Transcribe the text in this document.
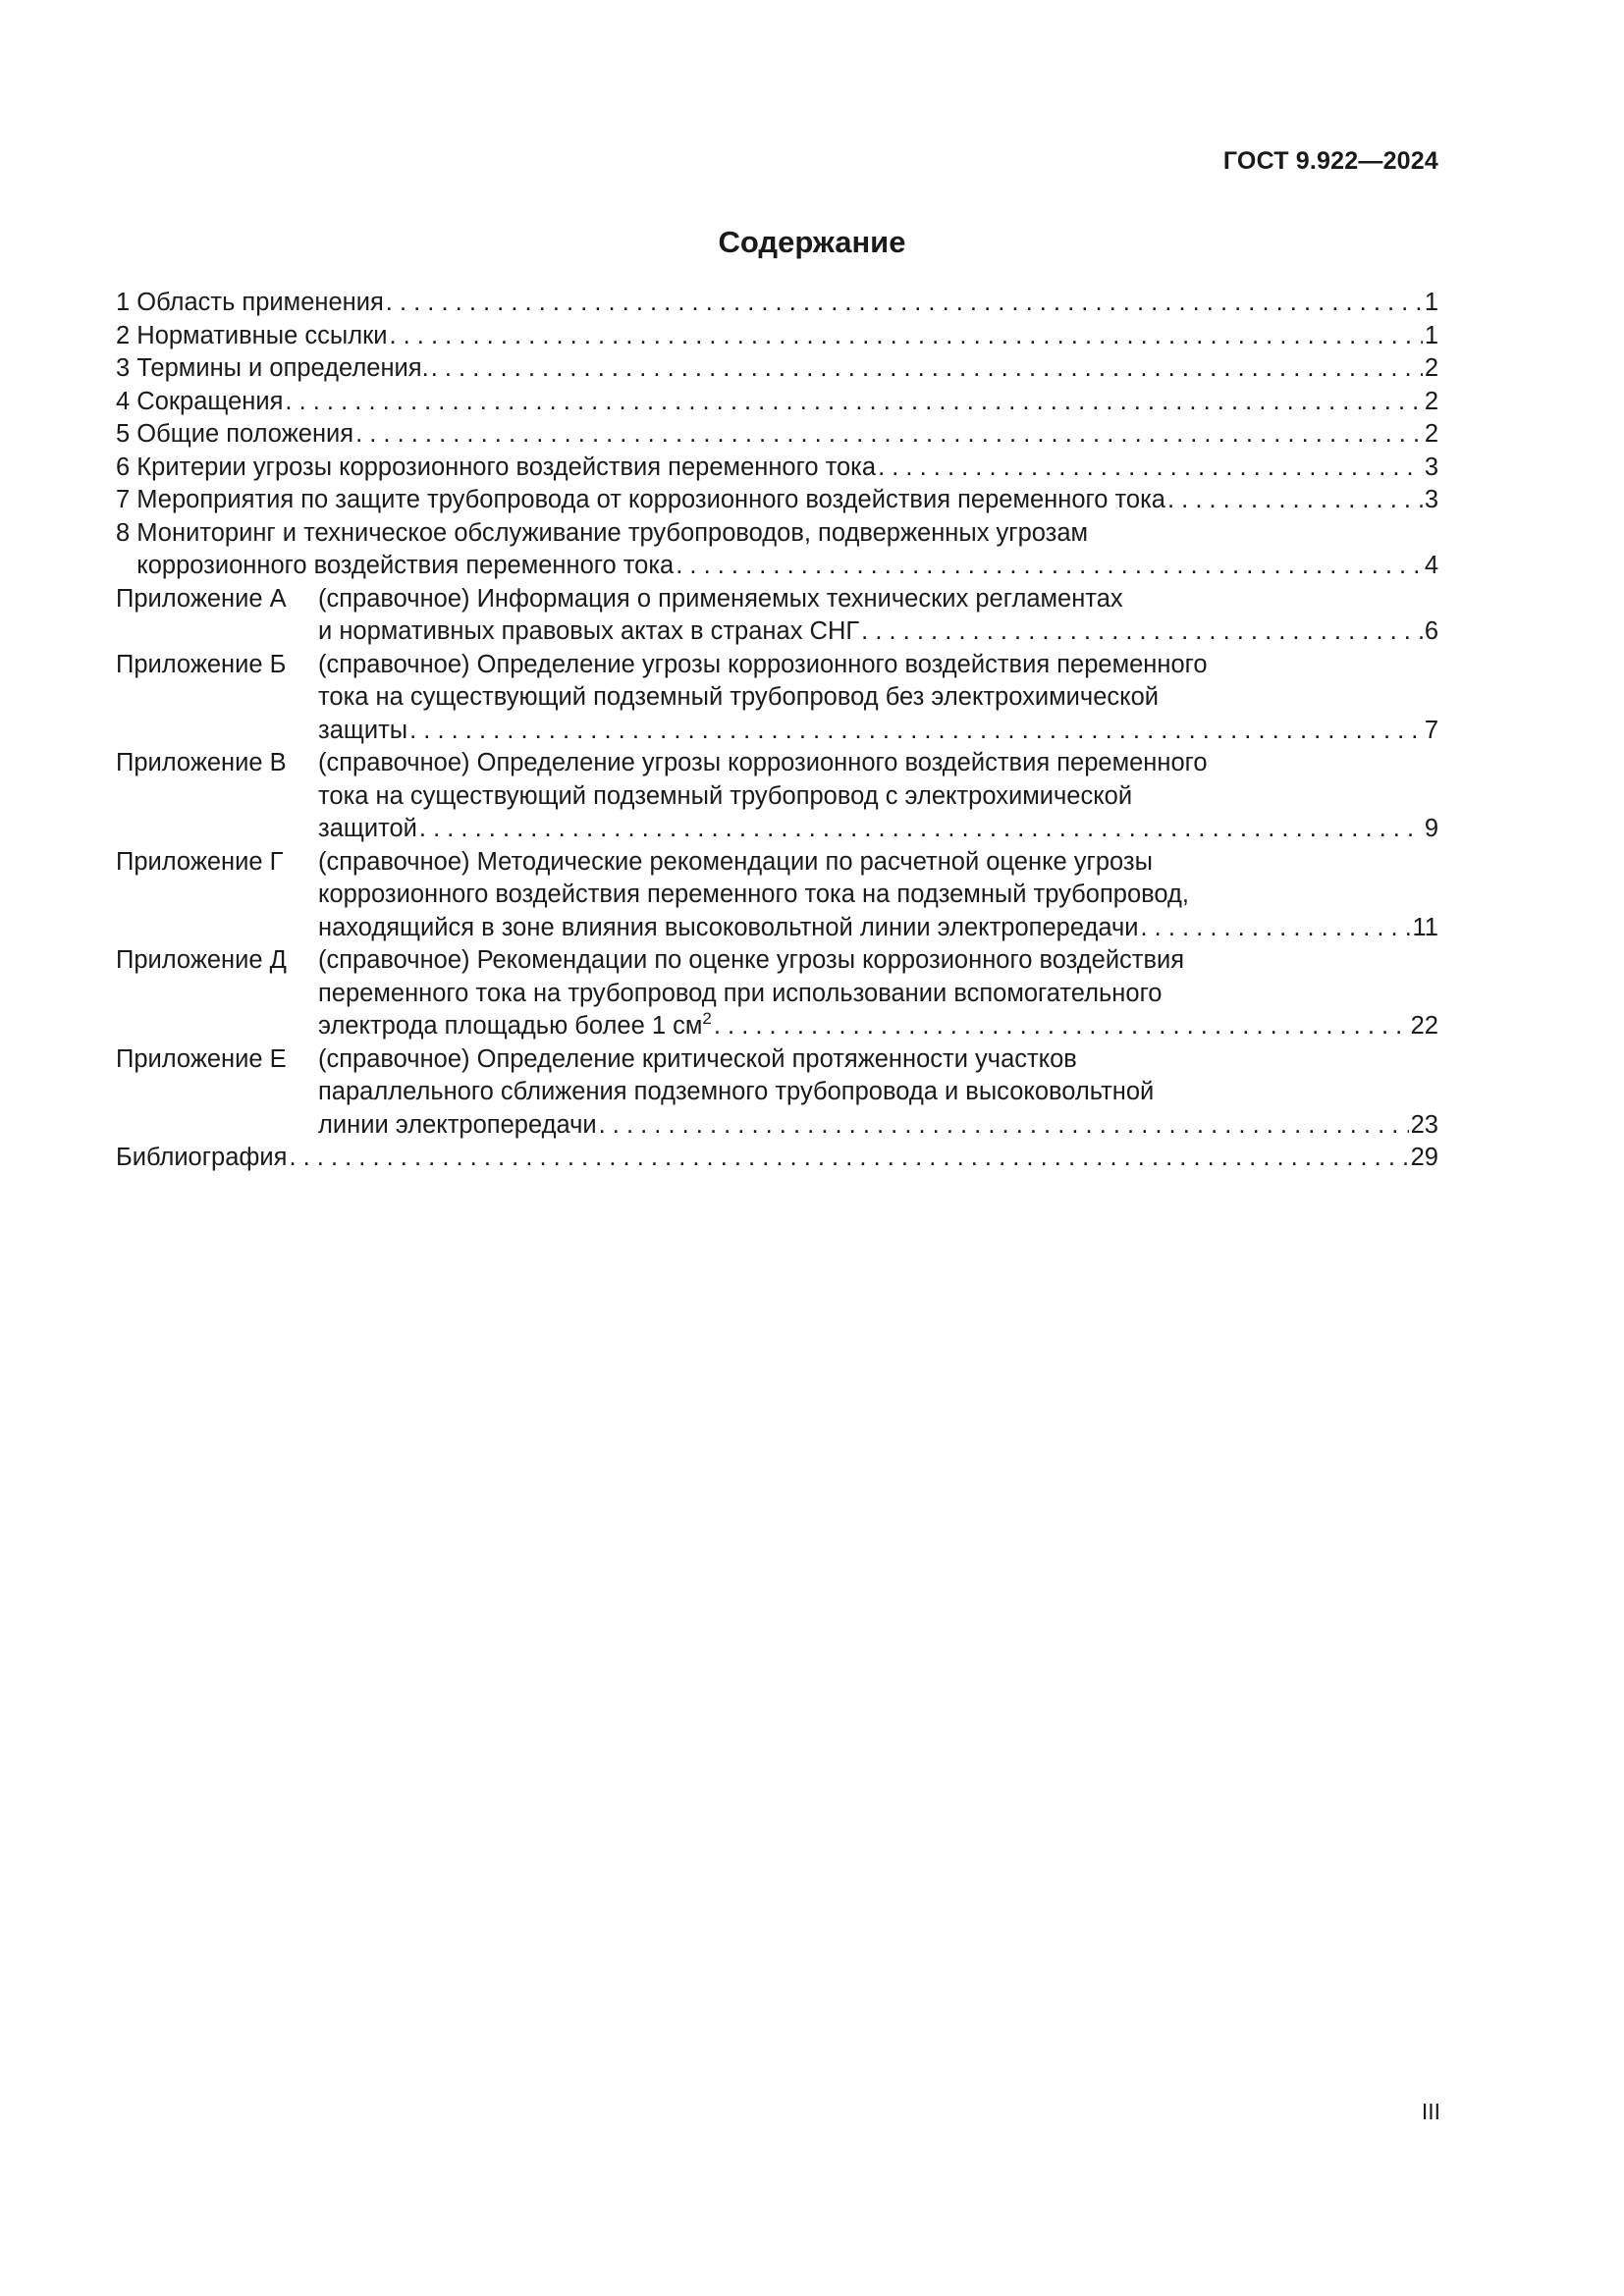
ГОСТ 9.922—2024
Содержание
1 Область применения . . .	1
2 Нормативные ссылки . . .	1
3 Термины и определения. . . .	2
4 Сокращения . . .	2
5 Общие положения . . .	2
6 Критерии угрозы коррозионного воздействия переменного тока . . .	3
7 Мероприятия по защите трубопровода от коррозионного воздействия переменного тока . . .	3
8 Мониторинг и техническое обслуживание трубопроводов, подверженных угрозам
коррозионного воздействия переменного тока . . .	4
Приложение А (справочное) Информация о применяемых технических регламентах
и нормативных правовых актах в странах СНГ . . .	6
Приложение Б	(справочное) Определение угрозы коррозионного воздействия переменного
тока на существующий подземный трубопровод без электрохимической
защиты . . .	7
Приложение В (справочное) Определение угрозы коррозионного воздействия переменного
тока на существующий подземный трубопровод с электрохимической
защитой . . .	9
Приложение Г	(справочное) Методические рекомендации по расчетной оценке угрозы
коррозионного воздействия переменного тока на подземный трубопровод,
находящийся в зоне влияния высоковольтной линии электропередачи . . .	11
Приложение Д (справочное) Рекомендации по оценке угрозы коррозионного воздействия
переменного тока на трубопровод при использовании вспомогательного
электрода площадью более 1 $см^2$ . . .	22
Приложение Е (справочное) Определение критической протяженности участков
параллельного сближения подземного трубопровода и высоковольтной
линии электропередачи . . .	23
Библиография . . .	29
III
